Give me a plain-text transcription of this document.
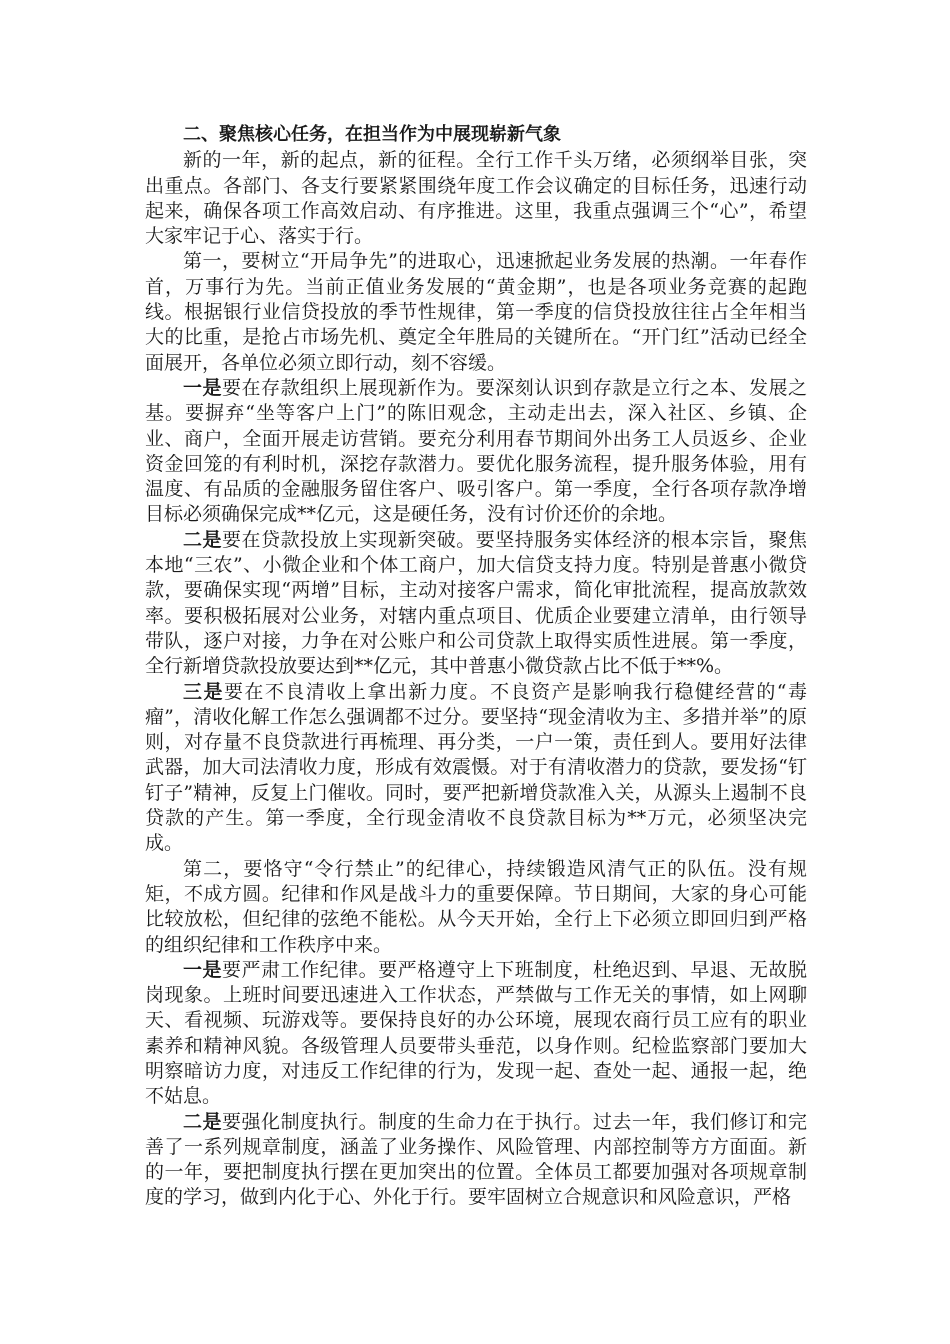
二、聚焦核心任务，在担当作为中展现崭新气象

新的一年，新的起点，新的征程。全行工作千头万绪，必须纲举目张，突出重点。各部门、各支行要紧紧围绕年度工作会议确定的目标任务，迅速行动起来，确保各项工作高效启动、有序推进。这里，我重点强调三个“心”，希望大家牢记于心、落实于行。

第一，要树立“开局争先”的进取心，迅速掀起业务发展的热潮。一年春作首，万事行为先。当前正值业务发展的“黄金期”，也是各项业务竞赛的起跑线。根据银行业信贷投放的季节性规律，第一季度的信贷投放往往占全年相当大的比重，是抢占市场先机、奠定全年胜局的关键所在。“开门红”活动已经全面展开，各单位必须立即行动，刻不容缓。

一是要在存款组织上展现新作为。要深刻认识到存款是立行之本、发展之基。要摒弃“坐等客户上门”的陈旧观念，主动走出去，深入社区、乡镇、企业、商户，全面开展走访营销。要充分利用春节期间外出务工人员返乡、企业资金回笼的有利时机，深挖存款潜力。要优化服务流程，提升服务体验，用有温度、有品质的金融服务留住客户、吸引客户。第一季度，全行各项存款净增目标必须确保完成**亿元，这是硬任务，没有讨价还价的余地。

二是要在贷款投放上实现新突破。要坚持服务实体经济的根本宗旨，聚焦本地“三农”、小微企业和个体工商户，加大信贷支持力度。特别是普惠小微贷款，要确保实现“两增”目标，主动对接客户需求，简化审批流程，提高放款效率。要积极拓展对公业务，对辖内重点项目、优质企业要建立清单，由行领导带队，逐户对接，力争在对公账户和公司贷款上取得实质性进展。第一季度，全行新增贷款投放要达到**亿元，其中普惠小微贷款占比不低于**%。

三是要在不良清收上拿出新力度。不良资产是影响我行稳健经营的“毒瘤”，清收化解工作怎么强调都不过分。要坚持“现金清收为主、多措并举”的原则，对存量不良贷款进行再梳理、再分类，一户一策，责任到人。要用好法律武器，加大司法清收力度，形成有效震慑。对于有清收潜力的贷款，要发扬“钉钉子”精神，反复上门催收。同时，要严把新增贷款准入关，从源头上遏制不良贷款的产生。第一季度，全行现金清收不良贷款目标为**万元，必须坚决完成。

第二，要恪守“令行禁止”的纪律心，持续锻造风清气正的队伍。没有规矩，不成方圆。纪律和作风是战斗力的重要保障。节日期间，大家的身心可能比较放松，但纪律的弦绝不能松。从今天开始，全行上下必须立即回归到严格的组织纪律和工作秩序中来。

一是要严肃工作纪律。要严格遵守上下班制度，杜绝迟到、早退、无故脱岗现象。上班时间要迅速进入工作状态，严禁做与工作无关的事情，如上网聊天、看视频、玩游戏等。要保持良好的办公环境，展现农商行员工应有的职业素养和精神风貌。各级管理人员要带头垂范，以身作则。纪检监察部门要加大明察暗访力度，对违反工作纪律的行为，发现一起、查处一起、通报一起，绝不姑息。

二是要强化制度执行。制度的生命力在于执行。过去一年，我们修订和完善了一系列规章制度，涵盖了业务操作、风险管理、内部控制等方方面面。新的一年，要把制度执行摆在更加突出的位置。全体员工都要加强对各项规章制度的学习，做到内化于心、外化于行。要牢固树立合规意识和风险意识，严格
